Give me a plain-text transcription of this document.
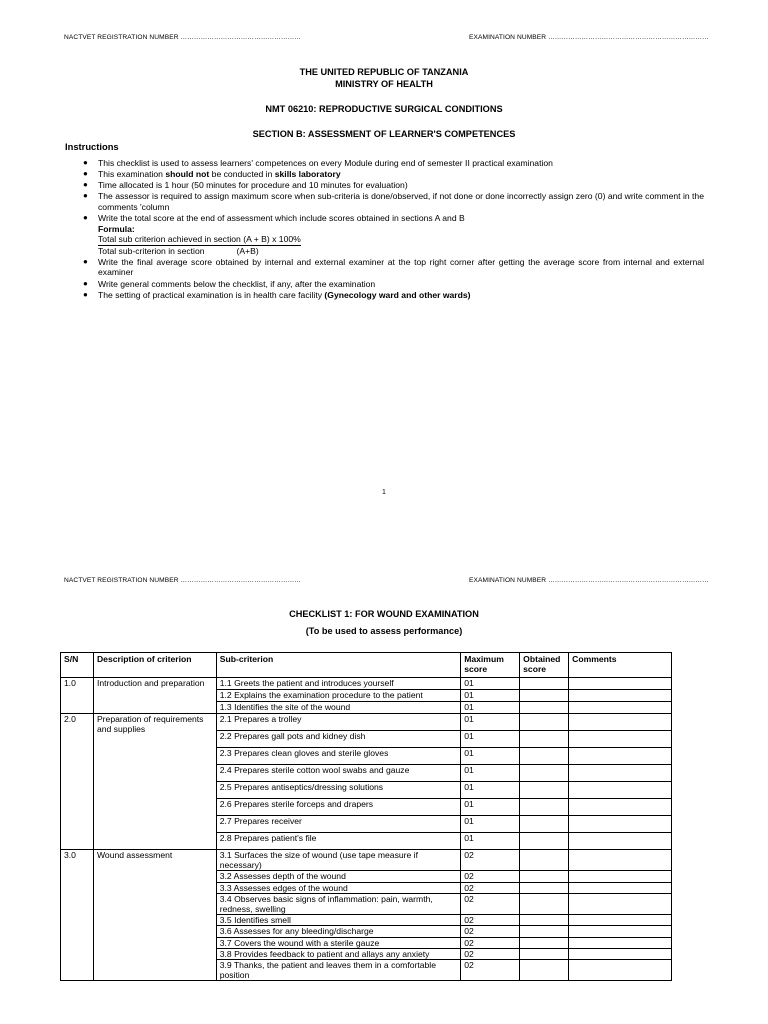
NACTVET REGISTRATION NUMBER ………………………………………………	EXAMINATION NUMBER ………………………………………………………………
THE UNITED REPUBLIC OF TANZANIA
MINISTRY OF HEALTH
NMT 06210: REPRODUCTIVE SURGICAL CONDITIONS
SECTION B: ASSESSMENT OF LEARNER'S COMPETENCES
Instructions
● This checklist is used to assess learners' competences on every Module during end of semester II practical examination
● This examination should not be conducted in skills laboratory
● Time allocated is 1 hour (50 minutes for procedure and 10 minutes for evaluation)
● The assessor is required to assign maximum score when sub-criteria is done/observed, if not done or done incorrectly assign zero (0) and write comment in the comments 'column
● Write the total score at the end of assessment which include scores obtained in sections A and B
Formula:
Total sub criterion achieved in section (A + B) x 100%
Total sub-criterion in section	(A+B)
● Write the final average score obtained by internal and external examiner at the top right corner after getting the average score from internal and external examiner
● Write general comments below the checklist, if any, after the examination
● The setting of practical examination is in health care facility (Gynecology ward and other wards)
1
NACTVET REGISTRATION NUMBER ………………………………………………	EXAMINATION NUMBER ………………………………………………………………
CHECKLIST 1: FOR WOUND EXAMINATION
(To be used to assess performance)
S/N	Description of criterion	Sub-criterion	Maximum score	Obtained score	Comments
1.0	Introduction and preparation	1.1 Greets the patient and introduces yourself	01		
		1.2 Explains the examination procedure to the patient	01		
		1.3 Identifies the site of the wound	01		
2.0	Preparation of requirements and supplies	2.1 Prepares a trolley	01		
		2.2 Prepares gall pots and kidney dish	01		
		2.3 Prepares clean gloves and sterile gloves	01		
		2.4 Prepares sterile cotton wool swabs and gauze	01		
		2.5 Prepares antiseptics/dressing solutions	01		
		2.6 Prepares sterile forceps and drapers	01		
		2.7 Prepares receiver	01		
		2.8 Prepares patient's file	01		
3.0	Wound assessment	3.1 Surfaces the size of wound (use tape measure if necessary)	02		
		3.2 Assesses depth of the wound	02		
		3.3 Assesses edges of the wound	02		
		3.4 Observes basic signs of inflammation: pain, warmth, redness, swelling	02		
		3.5 Identifies smell	02		
		3.6 Assesses for any bleeding/discharge	02		
		3.7 Covers the wound with a sterile gauze	02		
		3.8 Provides feedback to patient and allays any anxiety	02		
		3.9 Thanks, the patient and leaves them in a comfortable position	02		
